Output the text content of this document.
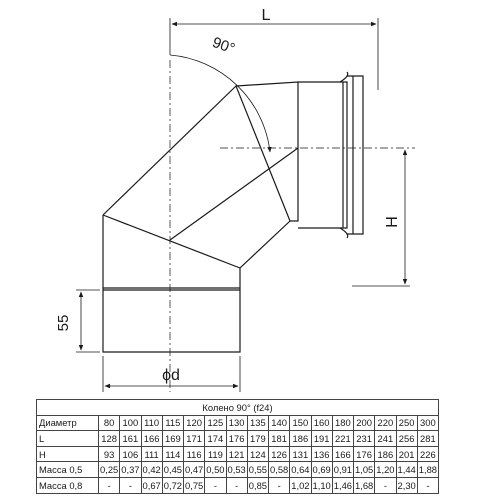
L
90°
H
55
ϕd
Колено 90° (f24)																
Диаметр	80	100	110	115	120	125	130	135	140	150	160	180	200	220	250	300
L	128	161	166	169	171	174	176	179	181	186	191	221	231	241	256	281
H	93	106	111	114	116	119	121	124	126	131	136	166	176	186	201	226
Масса 0,5	0,25	0,37	0,42	0,45	0,47	0,50	0,53	0,55	0,58	0,64	0,69	0,91	1,05	1,20	1,44	1,88
Масса 0,8	-	-	0,67	0,72	0,75	-	-	0,85	-	1,02	1,10	1,46	1,68	-	2,30	-
